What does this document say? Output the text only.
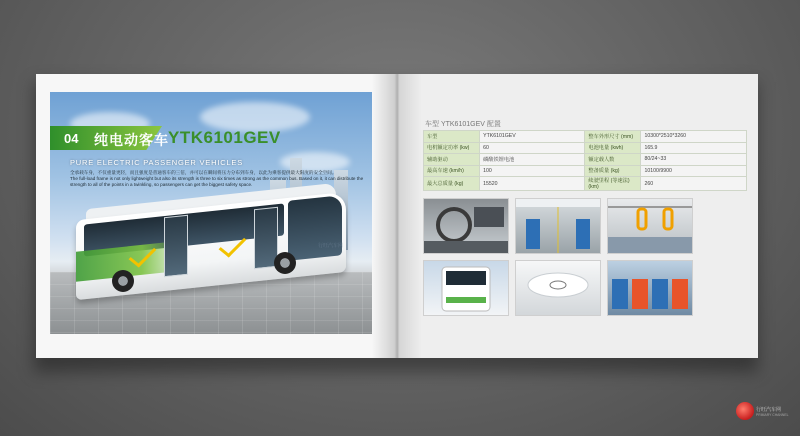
04 纯电动客车 YTK6101GEV
PURE ELECTRIC PASSENGER VEHICLES
全承载车身，不仅重量更轻，而且强度是普通客车的三倍，并可以在瞬间将压力分布到车身，以此为乘客提供最大限度的安全空间。
The full-load frame is not only lightweight but also its strength is three to six times as strong as the common bus. Based on it, it can distribute the strength to all of the points in a twinkling, so passengers can get the biggest safety space.
行旺汽车网
车型 YTK6101GEV 配置
车型	YTK6101GEV	整车外形尺寸 (mm)	10300*2510*3260
电机额定功率 (kw)	60	电池电量 (kwh)	165.9
辅助驱动	磷酸铁锂电池	额定载人数	80/24~33
最高车速 (km/h)	100	整备质量 (kg)	10100/9900
最大总质量 (kg)	15520	续驶里程 (等速法) (km)	260
行旺汽车网
PRIMARY CHANNEL
